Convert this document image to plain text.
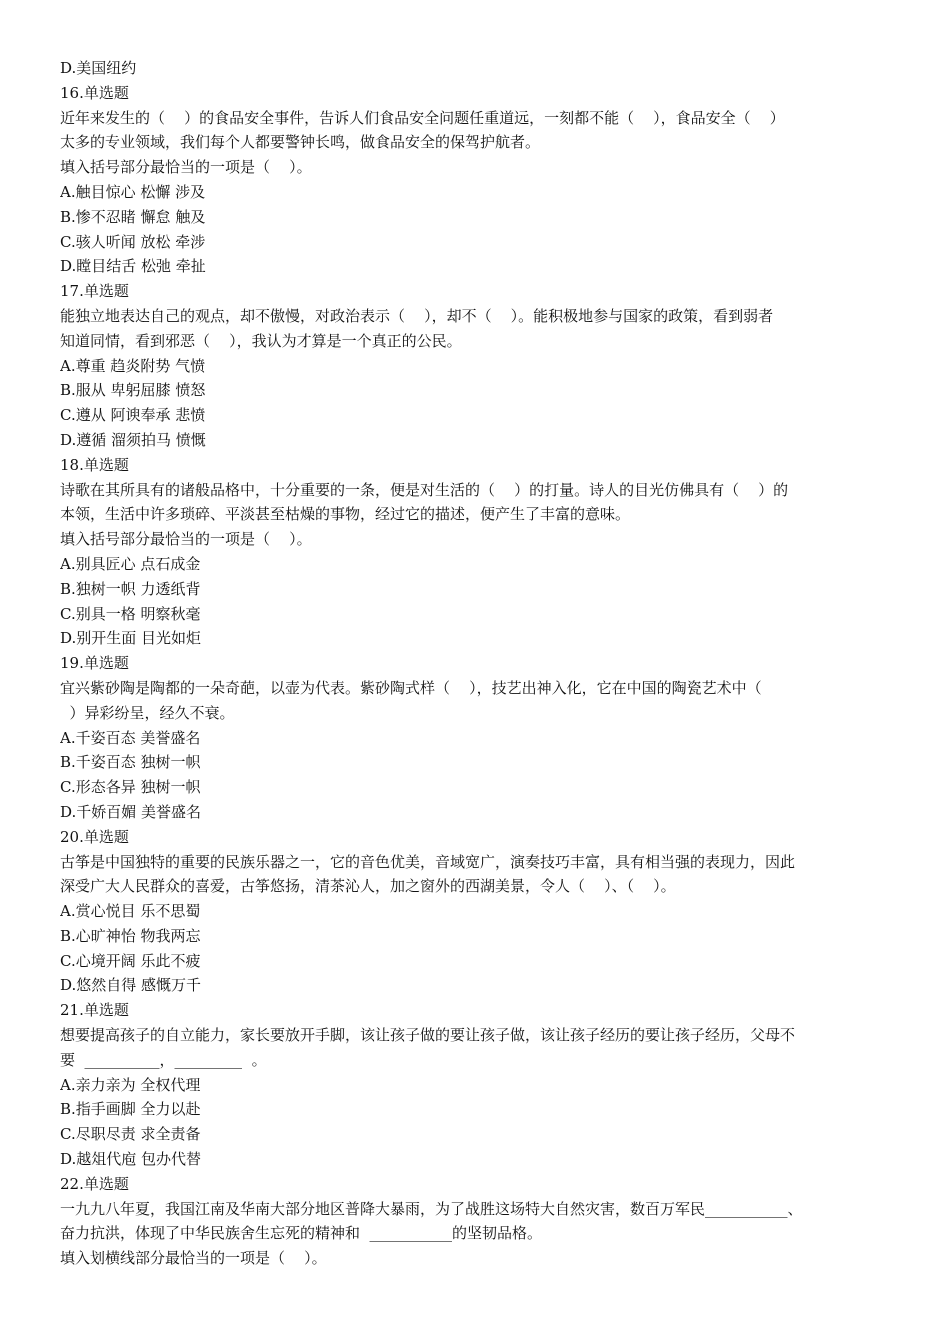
D.美国纽约
16.单选题
近年来发生的（    ）的食品安全事件，告诉人们食品安全问题任重道远，一刻都不能（    ），食品安全（    ）
太多的专业领域，我们每个人都要警钟长鸣，做食品安全的保驾护航者。
填入括号部分最恰当的一项是（    ）。
A.触目惊心 松懈 涉及
B.惨不忍睹 懈怠 触及
C.骇人听闻 放松 牵涉
D.瞠目结舌 松弛 牵扯
17.单选题
能独立地表达自己的观点，却不傲慢，对政治表示（    ），却不（    ）。能积极地参与国家的政策，看到弱者
知道同情，看到邪恶（    ），我认为才算是一个真正的公民。
A.尊重 趋炎附势 气愤
B.服从 卑躬屈膝 愤怒
C.遵从 阿谀奉承 悲愤
D.遵循 溜须拍马 愤慨
18.单选题
诗歌在其所具有的诸般品格中，十分重要的一条，便是对生活的（    ）的打量。诗人的目光仿佛具有（    ）的
本领，生活中许多琐碎、平淡甚至枯燥的事物，经过它的描述，便产生了丰富的意味。
填入括号部分最恰当的一项是（    ）。
A.别具匠心 点石成金
B.独树一帜 力透纸背
C.别具一格 明察秋毫
D.别开生面 目光如炬
19.单选题
宜兴紫砂陶是陶都的一朵奇葩，以壶为代表。紫砂陶式样（    ），技艺出神入化，它在中国的陶瓷艺术中（
）异彩纷呈，经久不衰。
A.千姿百态 美誉盛名
B.千姿百态 独树一帜
C.形态各异 独树一帜
D.千娇百媚 美誉盛名
20.单选题
古筝是中国独特的重要的民族乐器之一，它的音色优美，音域宽广，演奏技巧丰富，具有相当强的表现力，因此
深受广大人民群众的喜爱，古筝悠扬，清茶沁人，加之窗外的西湖美景，令人（    ）、（    ）。
A.赏心悦目 乐不思蜀
B.心旷神怡 物我两忘
C.心境开阔 乐此不疲
D.悠然自得 感慨万千
21.单选题
想要提高孩子的自立能力，家长要放开手脚，该让孩子做的要让孩子做，该让孩子经历的要让孩子经历，父母不
要  __________，_________  。
A.亲力亲为 全权代理
B.指手画脚 全力以赴
C.尽职尽责 求全责备
D.越俎代庖 包办代替
22.单选题
一九九八年夏，我国江南及华南大部分地区普降大暴雨，为了战胜这场特大自然灾害，数百万军民___________、
奋力抗洪，体现了中华民族舍生忘死的精神和  ___________的坚韧品格。
填入划横线部分最恰当的一项是（    ）。
